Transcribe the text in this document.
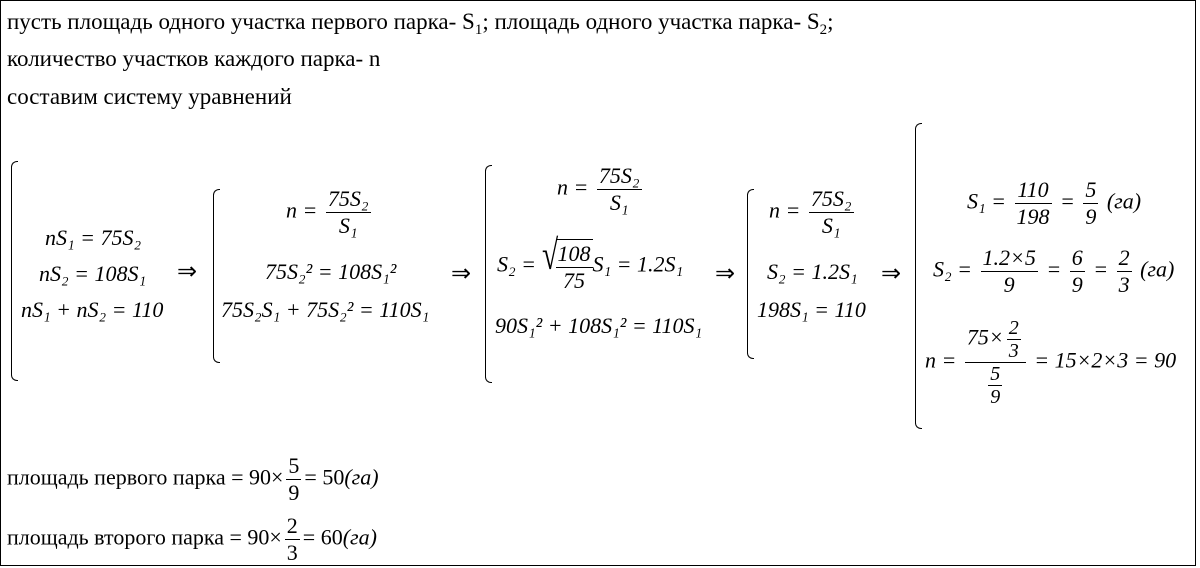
пусть площадь одного участка первого парка- $S_1$; площадь одного участка парка- $S_2$;
количество участков каждого парка- n
составим систему уравнений
nS₁ = 75S₂
nS₂ = 108S₁
nS₁ + nS₂ = 110
⇒
$n = \frac{\text{75S₂}}{\text{S₁}}$
75S₂² = 108S₁²
75S₂S₁ + 75S₂² = 110S₁
⇒
$n = \frac{\text{75S₂}}{\text{S₁}}$
S₂ = √
$\frac{108}{75} S_1 = 1.2S_1$
90S₁² + 108S₁² = 110S₁
⇒
$n = \frac{\text{75S₂}}{\text{S₁}}$
S₂ = 1.2S₁
198S₁ = 110
⇒
$S_1 = \frac{110}{198} = \frac{5}{9} (га)$
$S_2 = \frac{1.2\times 5}{9} = \frac{6}{9} = \frac{2}{3} (га)$
$n = \frac{75\times \frac{2}{3}}{\frac{5}{9}} = 15\times 2\times 3 = 90$
площадь первого парка = $90\times \frac{5}{9} = 50(га)$
площадь второго парка = $90\times \frac{2}{3} = 60(га)$
